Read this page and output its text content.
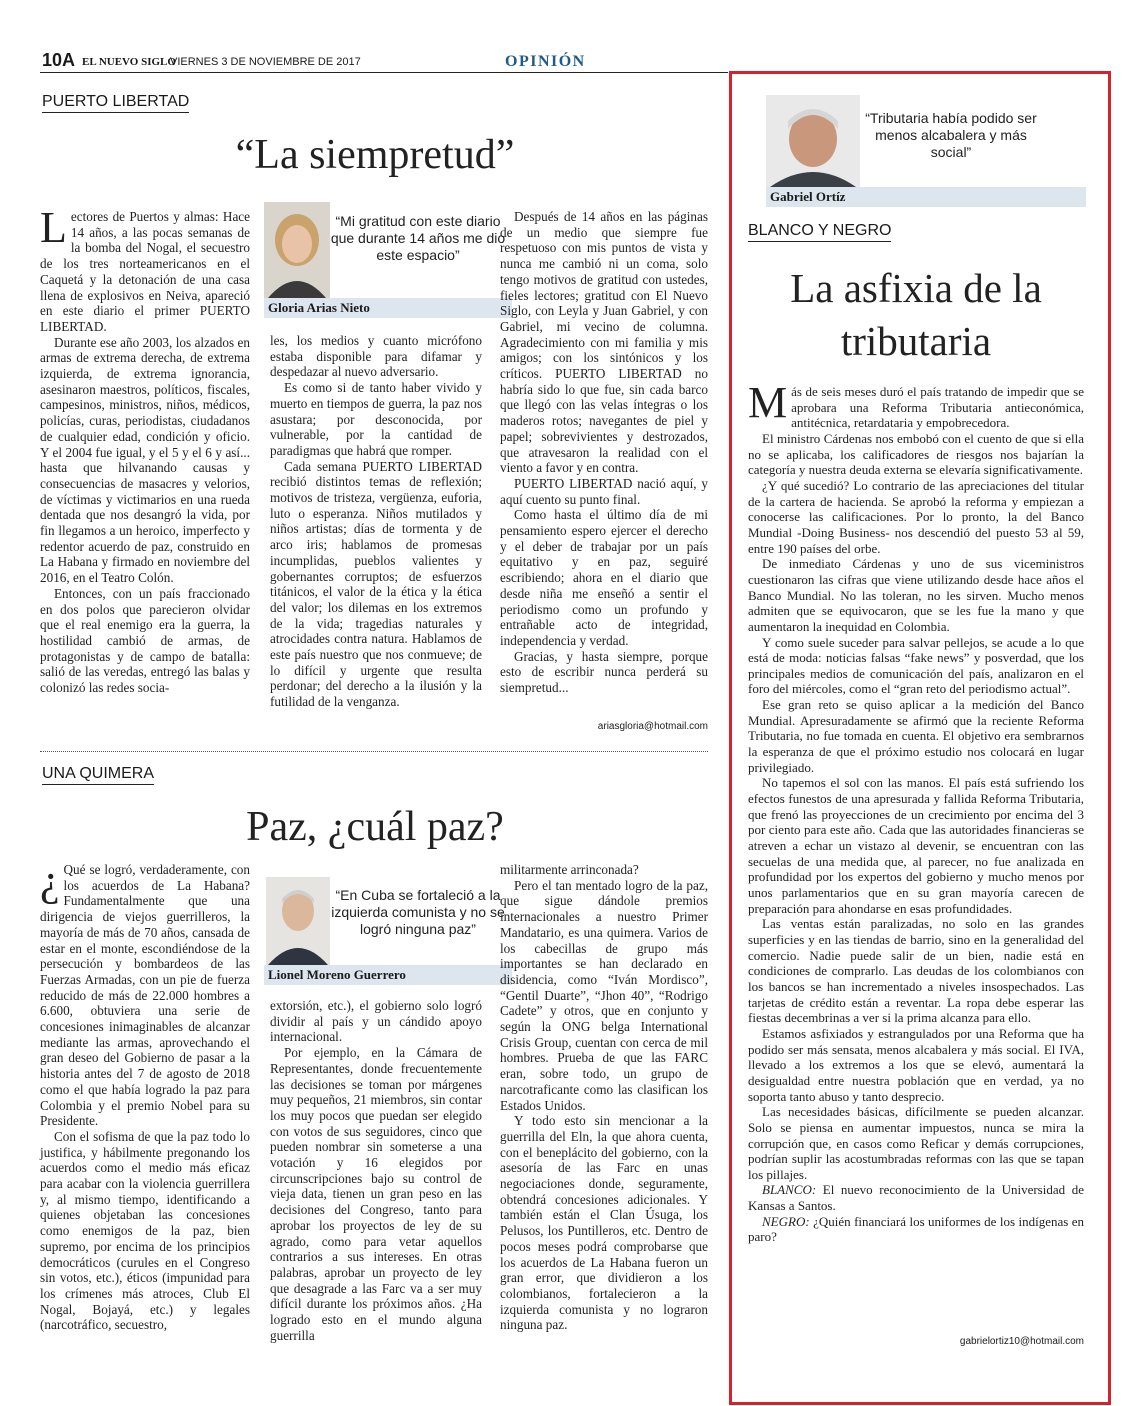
10A EL NUEVO SIGLO
VIERNES 3 DE NOVIEMBRE DE 2017	OPINIÓN
PUERTO LIBERTAD
“La siempretud”

Lectores de Puertos y almas: Hace 14 años, a las pocas semanas de la bomba del Nogal, el secuestro de los tres norteamericanos en el Caquetá y la detonación de una casa llena de explosivos en Neiva, apareció en este diario el primer PUERTO LIBERTAD.

Durante ese año 2003, los alzados en armas de extrema derecha, de extrema izquierda, de extrema ignorancia, asesinaron maestros, políticos, fiscales, campesinos, ministros, niños, médicos, policías, curas, periodistas, ciudadanos de cualquier edad, condición y oficio. Y el 2004 fue igual, y el 5 y el 6 y así... hasta que hilvanando causas y consecuencias de masacres y velorios, de víctimas y victimarios en una rueda dentada que nos desangró la vida, por fin llegamos a un heroico, imperfecto y redentor acuerdo de paz, construido en La Habana y firmado en noviembre del 2016, en el Teatro Colón.

Entonces, con un país fraccionado en dos polos que parecieron olvidar que el real enemigo era la guerra, la hostilidad cambió de armas, de protagonistas y de campo de batalla: salió de las veredas, entregó las balas y colonizó las redes socia-

“Mi gratitud con este diario que durante 14 años me dio este espacio”
Gloria Arias Nieto

les, los medios y cuanto micrófono estaba disponible para difamar y despedazar al nuevo adversario.

Es como si de tanto haber vivido y muerto en tiempos de guerra, la paz nos asustara; por desconocida, por vulnerable, por la cantidad de paradigmas que habrá que romper.

Cada semana PUERTO LIBERTAD recibió distintos temas de reflexión; motivos de tristeza, vergüenza, euforia, luto o esperanza. Niños mutilados y niños artistas; días de tormenta y de arco iris; hablamos de promesas incumplidas, pueblos valientes y gobernantes corruptos; de esfuerzos titánicos, el valor de la ética y la ética del valor; los dilemas en los extremos de la vida; tragedias naturales y atrocidades contra natura. Hablamos de este país nuestro que nos conmueve; de lo difícil y urgente que resulta perdonar; del derecho a la ilusión y la futilidad de la venganza.

Después de 14 años en las páginas de un medio que siempre fue respetuoso con mis puntos de vista y nunca me cambió ni un coma, solo tengo motivos de gratitud con ustedes, fieles lectores; gratitud con El Nuevo Siglo, con Leyla y Juan Gabriel, y con Gabriel, mi vecino de columna. Agradecimiento con mi familia y mis amigos; con los sintónicos y los críticos. PUERTO LIBERTAD no habría sido lo que fue, sin cada barco que llegó con las velas íntegras o los maderos rotos; navegantes de piel y papel; sobrevivientes y destrozados, que atravesaron la realidad con el viento a favor y en contra.

PUERTO LIBERTAD nació aquí, y aquí cuento su punto final.

Como hasta el último día de mi pensamiento espero ejercer el derecho y el deber de trabajar por un país equitativo y en paz, seguiré escribiendo; ahora en el diario que desde niña me enseñó a sentir el periodismo como un profundo y entrañable acto de integridad, independencia y verdad.

Gracias, y hasta siempre, porque esto de escribir nunca perderá su siempretud...

ariasgloria@hotmail.com
UNA QUIMERA
Paz, ¿cuál paz?

¿ Qué se logró, verdaderamente, con los acuerdos de La Habana? Fundamentalmente que una dirigencia de viejos guerrilleros, la mayoría de más de 70 años, cansada de estar en el monte, escondiéndose de la persecución y bombardeos de las Fuerzas Armadas, con un pie de fuerza reducido de más de 22.000 hombres a 6.600, obtuviera una serie de concesiones inimaginables de alcanzar mediante las armas, aprovechando el gran deseo del Gobierno de pasar a la historia antes del 7 de agosto de 2018 como el que había logrado la paz para Colombia y el premio Nobel para su Presidente.

Con el sofisma de que la paz todo lo justifica, y hábilmente pregonando los acuerdos como el medio más eficaz para acabar con la violencia guerrillera y, al mismo tiempo, identificando a quienes objetaban las concesiones como enemigos de la paz, bien supremo, por encima de los principios democráticos (curules en el Congreso sin votos, etc.), éticos (impunidad para los crímenes más atroces, Club El Nogal, Bojayá, etc.) y legales (narcotráfico, secuestro,

“En Cuba se fortaleció a la izquierda comunista y no se logró ninguna paz”
Lionel Moreno Guerrero

extorsión, etc.), el gobierno solo logró dividir al país y un cándido apoyo internacional.

Por ejemplo, en la Cámara de Representantes, donde frecuentemente las decisiones se toman por márgenes muy pequeños, 21 miembros, sin contar los muy pocos que puedan ser elegido con votos de sus seguidores, cinco que pueden nombrar sin someterse a una votación y 16 elegidos por circunscripciones bajo su control de vieja data, tienen un gran peso en las decisiones del Congreso, tanto para aprobar los proyectos de ley de su agrado, como para vetar aquellos contrarios a sus intereses. En otras palabras, aprobar un proyecto de ley que desagrade a las Farc va a ser muy difícil durante los próximos años. ¿Ha logrado esto en el mundo alguna guerrilla

militarmente arrinconada?

Pero el tan mentado logro de la paz, que sigue dándole premios internacionales a nuestro Primer Mandatario, es una quimera. Varios de los cabecillas de grupo más importantes se han declarado en disidencia, como “Iván Mordisco”, “Gentil Duarte”, “Jhon 40”, “Rodrigo Cadete” y otros, que en conjunto y según la ONG belga International Crisis Group, cuentan con cerca de mil hombres. Prueba de que las FARC eran, sobre todo, un grupo de narcotraficante como las clasifican los Estados Unidos.

Y todo esto sin mencionar a la guerrilla del Eln, la que ahora cuenta, con el beneplácito del gobierno, con la asesoría de las Farc en unas negociaciones donde, seguramente, obtendrá concesiones adicionales. Y también están el Clan Úsuga, los Pelusos, los Puntilleros, etc. Dentro de pocos meses podrá comprobarse que los acuerdos de La Habana fueron un gran error, que dividieron a los colombianos, fortalecieron a la izquierda comunista y no lograron ninguna paz.

“Tributaria había podido ser menos alcabalera y más social”
Gabriel Ortíz
BLANCO Y NEGRO
La asfixia de la
tributaria

Más de seis meses duró el país tratando de impedir que se aprobara una Reforma Tributaria antieconómica, antitécnica, retardataria y empobrecedora.

El ministro Cárdenas nos embobó con el cuento de que si ella no se aplicaba, los calificadores de riesgos nos bajarían la categoría y nuestra deuda externa se elevaría significativamente.

¿Y qué sucedió? Lo contrario de las apreciaciones del titular de la cartera de hacienda. Se aprobó la reforma y empiezan a conocerse las calificaciones. Por lo pronto, la del Banco Mundial -Doing Business- nos descendió del puesto 53 al 59, entre 190 países del orbe.

De inmediato Cárdenas y uno de sus viceministros cuestionaron las cifras que viene utilizando desde hace años el Banco Mundial. No las toleran, no les sirven. Mucho menos admiten que se equivocaron, que se les fue la mano y que aumentaron la inequidad en Colombia.

Y como suele suceder para salvar pellejos, se acude a lo que está de moda: noticias falsas “fake news” y posverdad, que los principales medios de comunicación del país, analizaron en el foro del miércoles, como el “gran reto del periodismo actual”.

Ese gran reto se quiso aplicar a la medición del Banco Mundial. Apresuradamente se afirmó que la reciente Reforma Tributaria, no fue tomada en cuenta. El objetivo era sembrarnos la esperanza de que el próximo estudio nos colocará en lugar privilegiado.

No tapemos el sol con las manos. El país está sufriendo los efectos funestos de una apresurada y fallida Reforma Tributaria, que frenó las proyecciones de un crecimiento por encima del 3 por ciento para este año. Cada que las autoridades financieras se atreven a echar un vistazo al devenir, se encuentran con las secuelas de una medida que, al parecer, no fue analizada en profundidad por los expertos del gobierno y mucho menos por unos parlamentarios que en su gran mayoría carecen de preparación para ahondarse en esas profundidades.

Las ventas están paralizadas, no solo en las grandes superficies y en las tiendas de barrio, sino en la generalidad del comercio. Nadie puede salir de un bien, nadie está en condiciones de comprarlo. Las deudas de los colombianos con los bancos se han incrementado a niveles insospechados. Las tarjetas de crédito están a reventar. La ropa debe esperar las fiestas decembrinas a ver si la prima alcanza para ello.

Estamos asfixiados y estrangulados por una Reforma que ha podido ser más sensata, menos alcabalera y más social. El IVA, llevado a los extremos a los que se elevó, aumentará la desigualdad entre nuestra población que en verdad, ya no soporta tanto abuso y tanto desprecio.

Las necesidades básicas, difícilmente se pueden alcanzar. Solo se piensa en aumentar impuestos, nunca se mira la corrupción que, en casos como Reficar y demás corrupciones, podrían suplir las acostumbradas reformas con las que se tapan los pillajes.

BLANCO: El nuevo reconocimiento de la Universidad de Kansas a Santos.

NEGRO: ¿Quién financiará los uniformes de los indígenas en paro?

gabrielortiz10@hotmail.com
